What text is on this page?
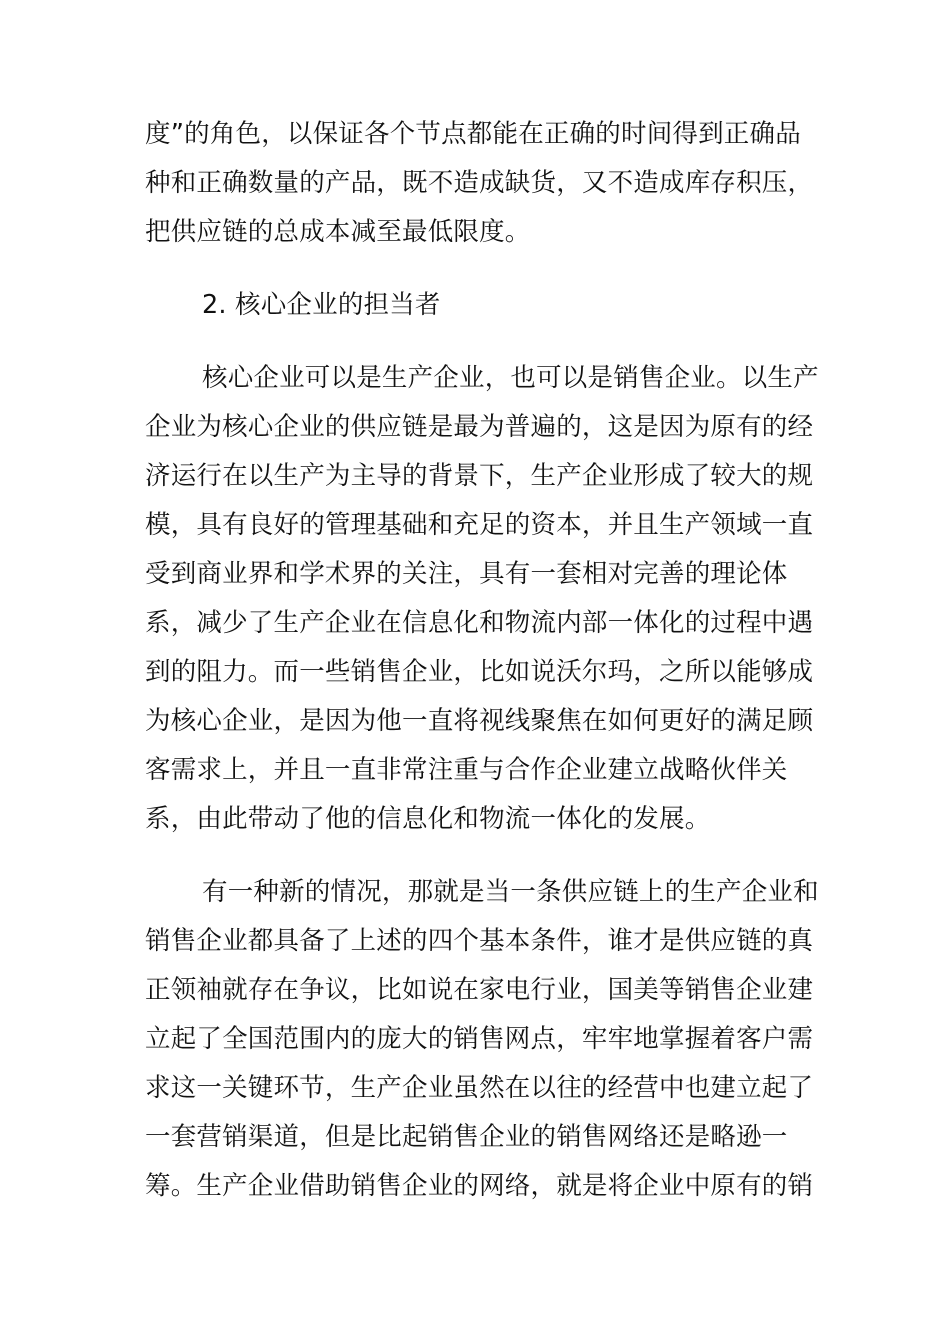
度”的角色，以保证各个节点都能在正确的时间得到正确品
种和正确数量的产品，既不造成缺货，又不造成库存积压，
把供应链的总成本减至最低限度。
2. 核心企业的担当者
核心企业可以是生产企业，也可以是销售企业。以生产
企业为核心企业的供应链是最为普遍的，这是因为原有的经
济运行在以生产为主导的背景下，生产企业形成了较大的规
模，具有良好的管理基础和充足的资本，并且生产领域一直
受到商业界和学术界的关注，具有一套相对完善的理论体
系，减少了生产企业在信息化和物流内部一体化的过程中遇
到的阻力。而一些销售企业，比如说沃尔玛，之所以能够成
为核心企业，是因为他一直将视线聚焦在如何更好的满足顾
客需求上，并且一直非常注重与合作企业建立战略伙伴关
系，由此带动了他的信息化和物流一体化的发展。
有一种新的情况，那就是当一条供应链上的生产企业和
销售企业都具备了上述的四个基本条件，谁才是供应链的真
正领袖就存在争议，比如说在家电行业，国美等销售企业建
立起了全国范围内的庞大的销售网点，牢牢地掌握着客户需
求这一关键环节，生产企业虽然在以往的经营中也建立起了
一套营销渠道，但是比起销售企业的销售网络还是略逊一
筹。生产企业借助销售企业的网络，就是将企业中原有的销
